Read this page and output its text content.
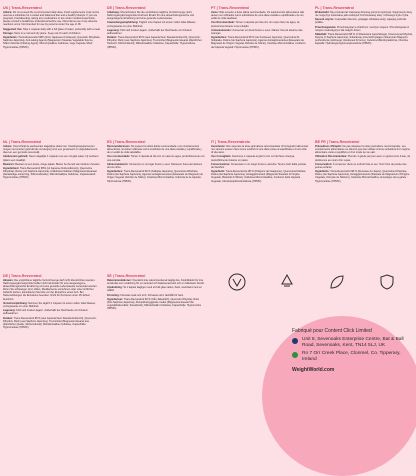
UK | Trans-Resveratrol

Advice: Do not exceed the recommended daily dose. Food supplements must not be used as a substitute for a varied and balanced diet and a healthy lifestyle. If you are pregnant, breastfeeding, taking any medications or are under medical supervision, please consult a healthcare professional before use. Discontinue use if any adverse reactions occur. Not intended for use by persons under the age of 18.

Suggested Use: Take 1 capsule daily with a full glass of water, preferably with a meal.

Storage: Store in a cool and dry place. Keep out of reach of children.

Ingredients: Trans-Resveratrol 98% (from Japanese Knotweed), Quercetin Dihydrate, Saphora Japonica), Anti-caking Agents (Magnesium Stearate Vegetable Source, Silicon Dioxide (Flowing Agent), Microcrystalline Cellulose, Vege Capsule Shell: Hypromellose (HPMC).

DE | Trans-Resveratrol

Anleitung: Überschreiten Sie die empfohlene tägliche Verzehrmenge nicht. Nahrungsergänzungsmittel sind kein Ersatz für eine abwechslungsreiche und ausgewogene Ernährung und eine gesunde Lebensweise.

Anwendungsempfehlung: Täglich eine Kapsel mit einem vollen Glas Wasser, vorzugsweise zu einer Mahlzeit.

Lagerung: Kühl und trocken lagern. Außerhalb der Reichweite von Kindern aufbewahren.

Zutaten: Trans-Resveratrol 98 % (aus Japanischem Staudenknöterich), Quercetin-Dihydrat, Rutin (aus Saphora Japonica), Trennmittel (Magnesiumstearat pflanzlicher Herkunft, Siliziumdioxid), Mikrokristalline Cellulose, Kapselhülle: Hypromellose (HPMC).

PT | Trans-Resveratrol

Aviso: Não exceder a dose diária recomendada. Os suplementos alimentares não devem ser utilizados como substitutos de uma dieta variada e equilibrada e de um estilo de vida saudável.

Uso Recomendado: Tomar 1 cápsula por dia com um copo cheio de água, de preferência durante uma refeição.

Armazenamento: Conservar em local fresco e seco. Manter fora do alcance das crianças.

Ingredientes: Trans-Resveratrol 98 % (de Knotweed Japonês), Quercetina Di-hidratada, Rutina (de Saphora Japonica), Agentes Antiaglomerantes (Estearato de Magnésio de Origem Vegetal, Dióxido de Silício), Celulose Microcristalina, Invólucro da Cápsula Vegetal: Hipromelose (HPMC).

PL | Trans-Resweratrol

Wskazówki: Nie przekraczać zalecanej dziennej porcji do spożycia. Suplementy diety nie mogą być stosowane jako substytut zróżnicowanej diety i zdrowego trybu życia.

Sposób użycia: 1 kapsułka dziennie, popijając szklanką wody, najlepiej podczas posiłku.

Przechowywanie: Przechowywać w chłodnym i suchym miejscu. Przechowywać w miejscu niedostępnym dla małych dzieci.

Składniki: Trans-Resweratrol 98 % (z Rdestowca Japońskiego), Kwercetyna Dihydrat, Rutyna (z Saphora Japonica), Substancje przeciwzbrylające (Stearynian Magnezu pochodzenia roślinnego, Dwutlenek Krzemu), Celuloza Mikrokrystaliczna, Otoczka kapsułki: Hydroksypropylometyloceluloza (HPMC).

NL | Trans-Resveratrol

Advies: Overschrijd de aanbevolen dagelijkse dosis niet. Voedingssupplementen mogen niet worden gebruikt als vervanging voor een gevarieerd en uitgebalanceerd dieet en een gezonde levensstijl.

Aanbevolen gebruik: Neem dagelijks 1 capsule met een vol glas water, bij voorkeur tijdens een maaltijd.

Bewaren: Bewaar op een koele, droge plaats. Buiten het bereik van kinderen houden.

Ingrediënten: Trans-Resveratrol 98% (uit Japanse Duizendknoop), Quercetine Dihydraat, Rutine (uit Saphora Japonica), Antiklontermiddelen (Magnesiumstearaat plantaardige oorsprong, Siliciumdioxide), Microkristallijne Cellulose, Capsulewand: Hypromellose (HPMC).

ES | Trans-Resveratrol

Recomendaciones: No superar la dosis diaria recomendada. Los complementos alimenticios no deben utilizarse como sustitutos de una dieta variada y equilibrada y de un estilo de vida saludable.

Uso recomendado: Tomar 1 cápsula al día con un vaso de agua, preferiblemente con una comida.

Almacenamiento: Conservar en un lugar fresco y seco. Mantener fuera del alcance de los niños.

Ingredientes: Trans-Resveratrol 98 % (Fallopia Japonica), Quercetina Dihidrato, Rutina (de Saphora Japonica), Agentes antiaglomerantes (Estearato de Magnesio de Origen Vegetal, Dióxido de Silicio), Celulosa Microcristalina, Cubierta de la cápsula: Hipromelosa (HPMC).

IT | Trans-Resveratrolo

Avvertenze: Non superare la dose giornaliera raccomandata. Gli integratori alimentari non devono essere intesi come sostituti di una dieta varia ed equilibrata e di uno stile di vita sano.

Uso Consigliato: Assumere 1 capsula al giorno con un bicchiere d'acqua, preferibilmente durante un pasto.

Conservazione: Conservare in un luogo fresco e asciutto. Tenere fuori dalla portata dei bambini.

Ingredienti: Trans-Resveratrolo 98 % (Poligono del Giappone), Quercetina Diidrato, Rutina (da Saphora Japonica), Antiagglomeranti (Magnesio Stearato di Origine Vegetale, Biossido di Silicio), Cellulosa Microcristallina, Involucro della Capsula Vegetale: Idrossipropilmetilcellulosa (HPMC).

BE FR | Trans-Resvératrol

Précautions d'Emploi: Ne pas dépasser la dose journalière recommandée. Les compléments alimentaires ne doivent pas être utilisés comme substituts d'un régime alimentaire varié et équilibré et d'un mode de vie sain.

Utilisation Recommandée: Prendre 1 gélule par jour avec un grand verre d'eau, de préférence au cours d'un repas.

Conservation: À conserver dans un endroit frais et sec. Tenir hors de portée des jeunes enfants.

Ingrédients: Trans-Resvératrol 98 % (Renouée du Japon), Quercétine Dihydrate, Rutine (de Saphora Japonica), Antiagglomérants (Stéarate de Magnésium d'Origine Végétale, Dioxyde de Silicium), Cellulose Microcristalline, Enveloppe de la gélule : Hypromellose (HPMC).

DE | Trans-Resveratrol

Hinweis: Die empfohlene tägliche Verzehrmenge darf nicht überschritten werden. Nahrungsergänzungsmittel sollten nicht als Ersatz für eine ausgewogene, abwechslungsreiche Ernährung und eine gesunde Lebensweise verwendet werden. Wenn Sie schwanger sind, stillen, Medikamente einnehmen oder unter ärztlicher Aufsicht stehen, konsultieren Sie bitte vor der Einnahme einen Arzt. Bei Nebenwirkungen die Einnahme beenden. Nicht für Personen unter 18 Jahren bestimmt.

Verzehrempfehlung: Nehmen Sie täglich 1 Kapsel mit einem vollen Glas Wasser, vorzugsweise zu einer Mahlzeit.

Lagerung: Kühl und trocken lagern. Außerhalb der Reichweite von Kindern aufbewahren.

Zutaten: Trans-Resveratrol 98 % (aus Japanischem Staudenknöterich), Quercetin-Dihydrat, Rutin (aus Saphora Japonica), Trennmittel (Magnesiumstearat aus pflanzlicher Quelle, Siliciumdioxid), Mikrokristalline Cellulose, Kapselhülle: Hypromellose (HPMC).

SE | Trans-Resveratrol

Rekommendationer: Överskrid inte rekommenderad daglig dos. Kosttillskott bör inte användas som ersättning för en varierad och balanserad kost och en hälsosam livsstil.

Användning: Ta 1 kapsel dagligen med ett fullt glas vatten, helst i samband med en måltid.

Förvaring: Förvaras svalt och torrt. Förvaras utom räckhåll för barn.

Ingredienser: Trans-Resveratrol 98 % (från Jättepilört), Quercetin Dihydrat, Rutin (från Saphora Japonica), Klumpförebyggande medel (Magnesiumstearat från vegetabiliska källor, Kiseldioxid), Mikrokristallin Cellulosa, Kapselhölje: Hypromellos (HPMC).

Fabriqué pour Content Click Limited
Unit 8, Sevenoaks Enterprise Centre, Bat & Ball Road, Sevenoaks, Kent, TN14 5LJ, UK
Ro 7 Orr Creek Place, Clonmel, Co. Tipperary, Ireland
WeightWorld.com
